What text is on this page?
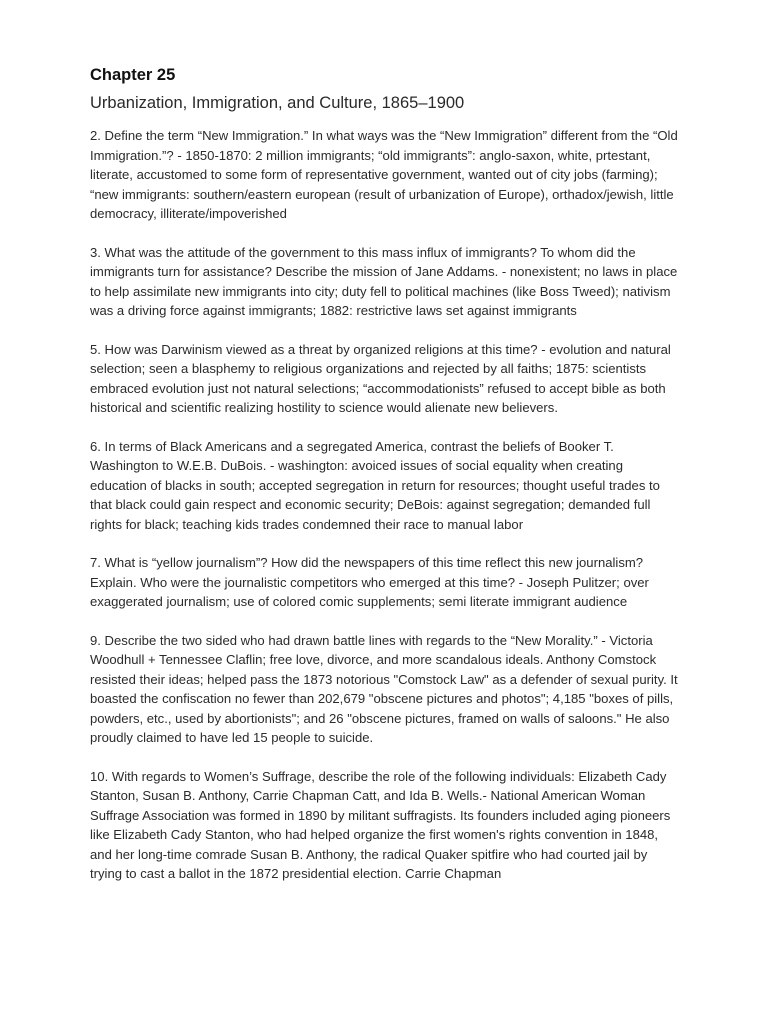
Chapter 25
Urbanization, Immigration, and Culture, 1865–1900

2. Define the term “New Immigration.” In what ways was the “New Immigration” different from the “Old Immigration.”? - 1850-1870: 2 million immigrants; “old immigrants”: anglo-saxon, white, prtestant, literate, accustomed to some form of representative government, wanted out of city jobs (farming); “new immigrants: southern/eastern european (result of urbanization of Europe), orthadox/jewish, little democracy, illiterate/impoverished

3. What was the attitude of the government to this mass influx of immigrants? To whom did the immigrants turn for assistance? Describe the mission of Jane Addams. - nonexistent; no laws in place to help assimilate new immigrants into city; duty fell to political machines (like Boss Tweed); nativism was a driving force against immigrants; 1882: restrictive laws set against immigrants

5. How was Darwinism viewed as a threat by organized religions at this time? - evolution and natural selection; seen a blasphemy to religious organizations and rejected by all faiths; 1875: scientists embraced evolution just not natural selections; “accommodationists” refused to accept bible as both historical and scientific realizing hostility to science would alienate new believers.

6. In terms of Black Americans and a segregated America, contrast the beliefs of Booker T. Washington to W.E.B. DuBois. - washington: avoiced issues of social equality when creating education of blacks in south; accepted segregation in return for resources; thought useful trades to that black could gain respect and economic security; DeBois: against segregation; demanded full rights for black; teaching kids trades condemned their race to manual labor

7. What is “yellow journalism”? How did the newspapers of this time reflect this new journalism? Explain. Who were the journalistic competitors who emerged at this time? - Joseph Pulitzer; over exaggerated journalism; use of colored comic supplements; semi literate immigrant audience

9. Describe the two sided who had drawn battle lines with regards to the “New Morality.” - Victoria Woodhull + Tennessee Claflin; free love, divorce, and more scandalous ideals. Anthony Comstock resisted their ideas; helped pass the 1873 notorious "Comstock Law" as a defender of sexual purity. It boasted the confiscation no fewer than 202,679 "obscene pictures and photos"; 4,185 "boxes of pills, powders, etc., used by abortionists"; and 26 "obscene pictures, framed on walls of saloons." He also proudly claimed to have led 15 people to suicide.

10. With regards to Women’s Suffrage, describe the role of the following individuals: Elizabeth Cady Stanton, Susan B. Anthony, Carrie Chapman Catt, and Ida B. Wells.- National American Woman Suffrage Association was formed in 1890 by militant suffragists. Its founders included aging pioneers like Elizabeth Cady Stanton, who had helped organize the first women's rights convention in 1848, and her long-time comrade Susan B. Anthony, the radical Quaker spitfire who had courted jail by trying to cast a ballot in the 1872 presidential election. Carrie Chapman
